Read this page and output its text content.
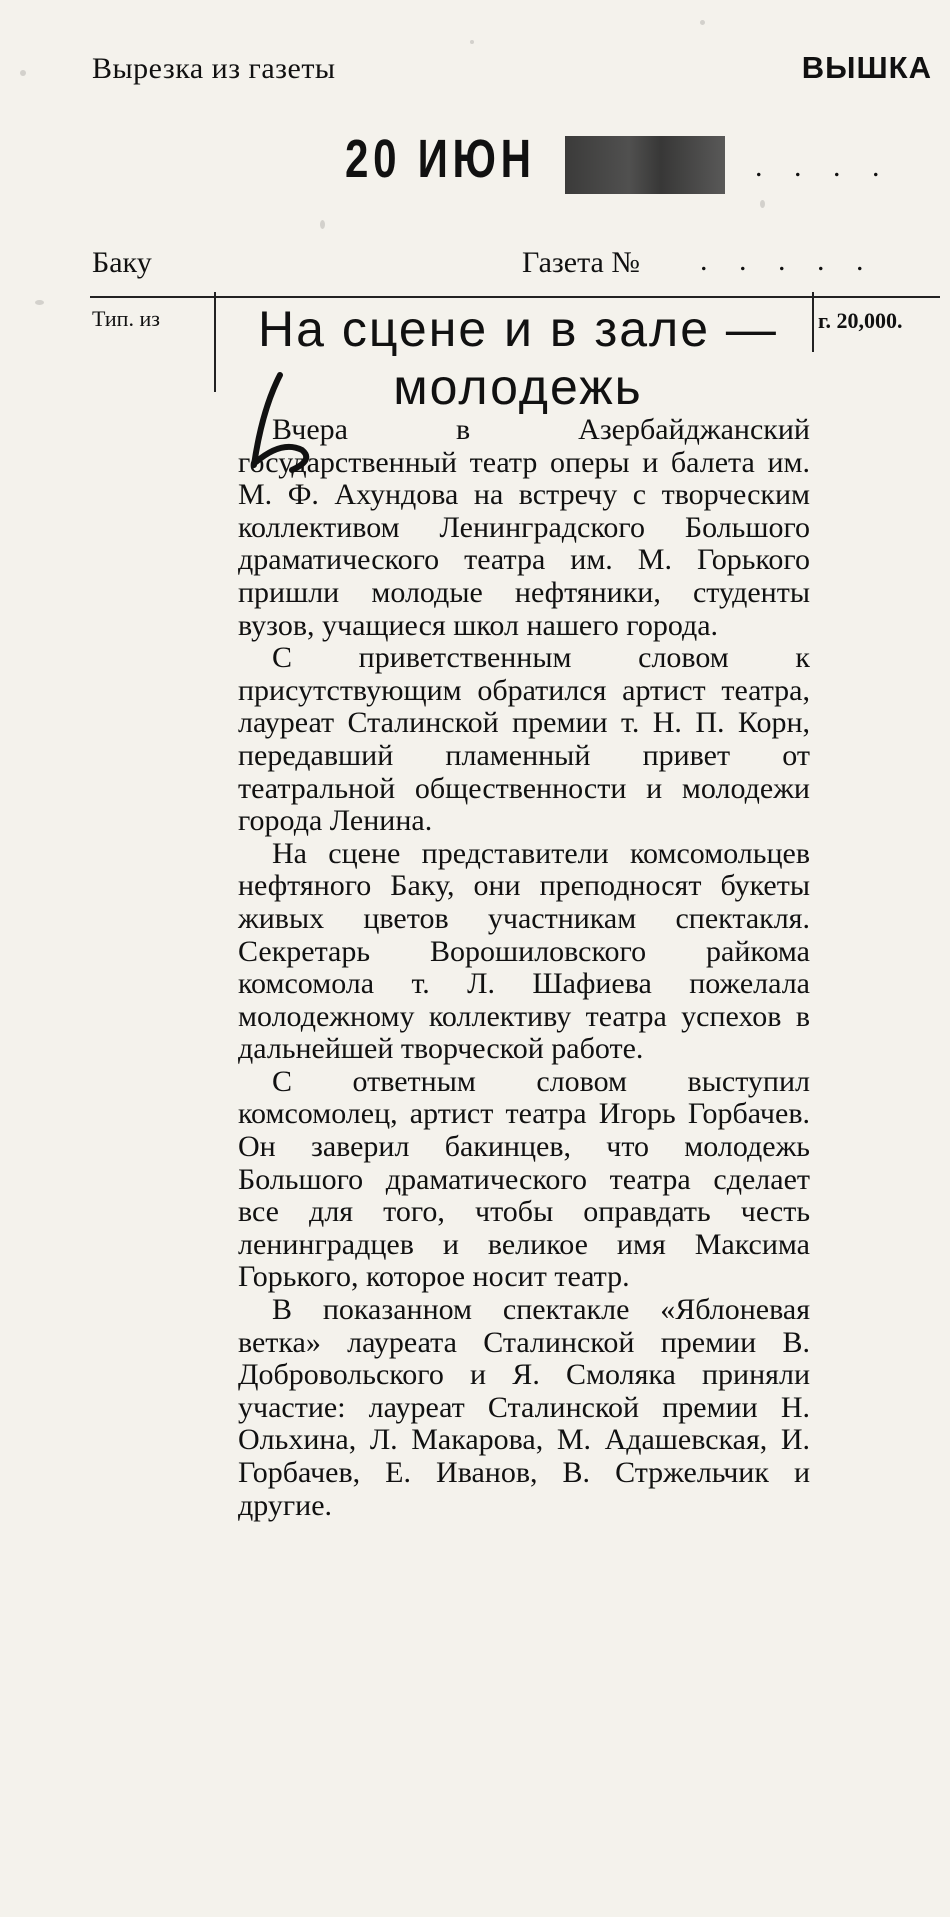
Вырезка из газеты	ВЫШКА
20 ИЮН	. . . .
Баку	Газета № . . . . .
Тип. из	г. 20,000.
На сцене и в зале —
молодежь

Вчера в Азербайджанский государственный театр оперы и балета им. М. Ф. Ахундова на встречу с творческим коллективом Ленинградского Большого драматического театра им. М. Горького пришли молодые нефтяники, студенты вузов, учащиеся школ нашего города.

С приветственным словом к присутствующим обратился артист театра, лауреат Сталинской премии т. Н. П. Корн, передавший пламенный привет от театральной общественности и молодежи города Ленина.

На сцене представители комсомольцев нефтяного Баку, они преподносят букеты живых цветов участникам спектакля. Секретарь Ворошиловского райкома комсомола т. Л. Шафиева пожелала молодежному коллективу театра успехов в дальнейшей творческой работе.

С ответным словом выступил комсомолец, артист театра Игорь Горбачев. Он заверил бакинцев, что молодежь Большого драматического театра сделает все для того, чтобы оправдать честь ленинградцев и великое имя Максима Горького, которое носит театр.

В показанном спектакле «Яблоневая ветка» лауреата Сталинской премии В. Добровольского и Я. Смоляка приняли участие: лауреат Сталинской премии Н. Ольхина, Л. Макарова, М. Адашевская, И. Горбачев, Е. Иванов, В. Стржельчик и другие.
